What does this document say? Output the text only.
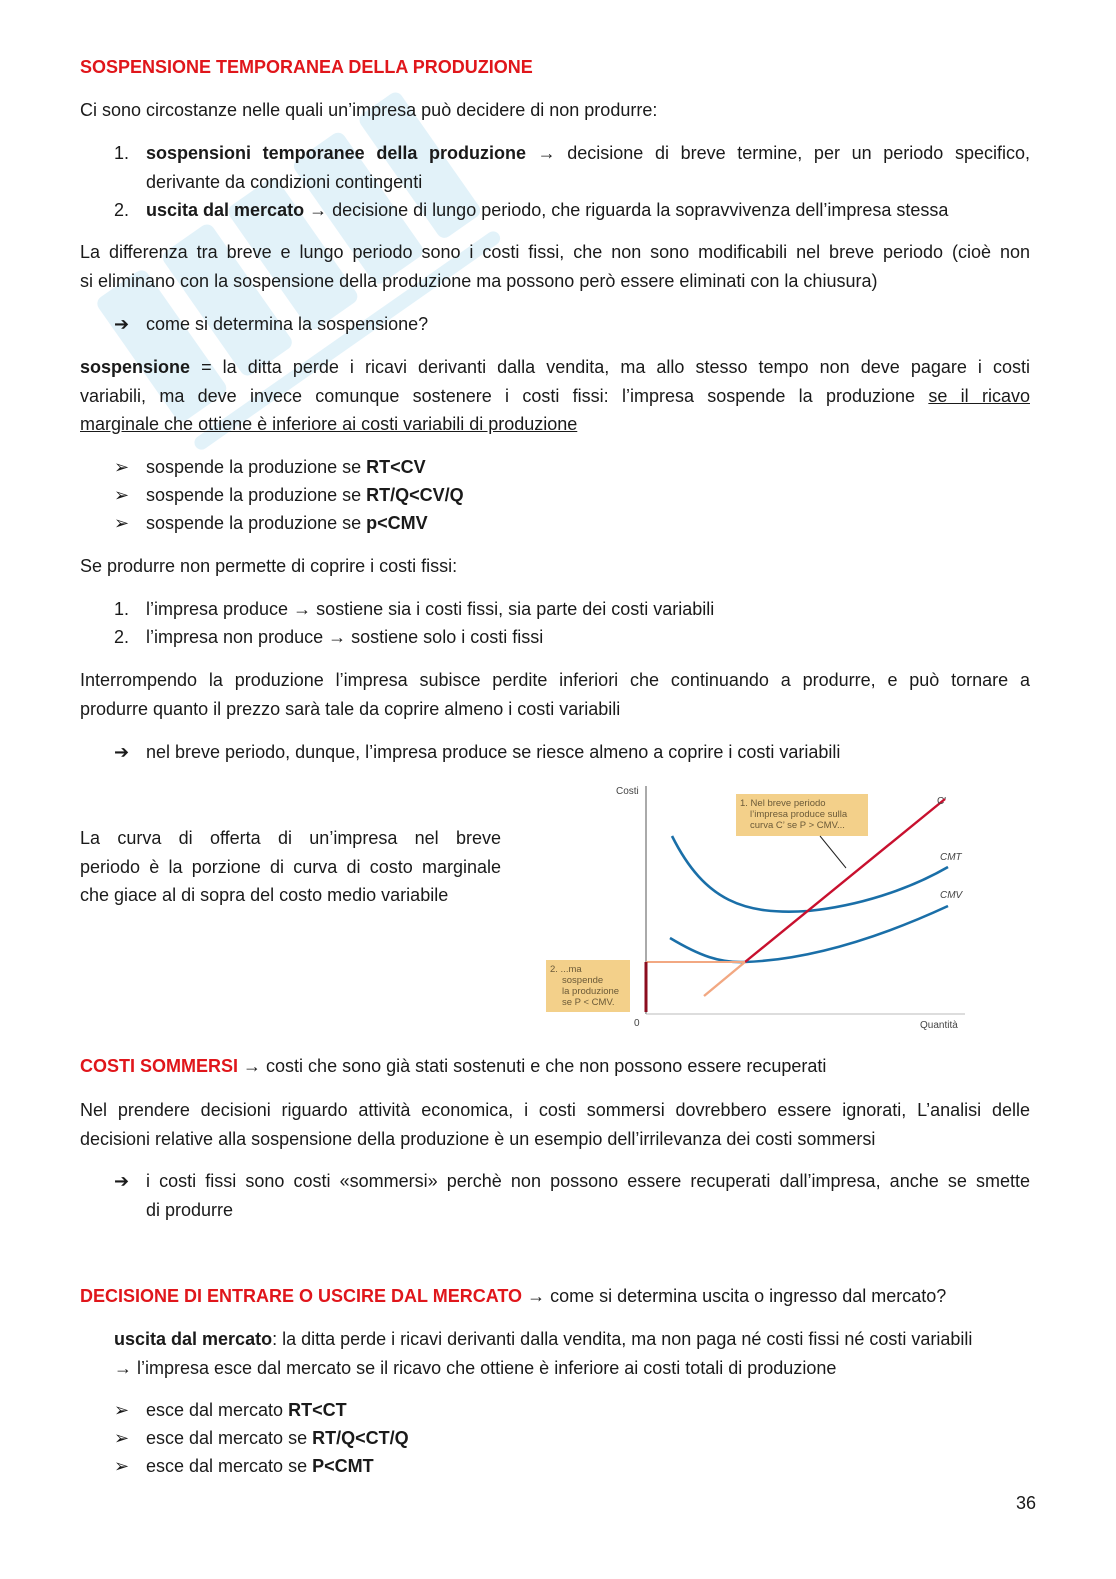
SOSPENSIONE TEMPORANEA DELLA PRODUZIONE

Ci sono circostanze nelle quali un’impresa può decidere di non produrre:

1. sospensioni temporanee della produzione → decisione di breve termine, per un periodo specifico,

derivante da condizioni contingenti

2. uscita dal mercato → decisione di lungo periodo, che riguarda la sopravvivenza dell’impresa stessa

La differenza tra breve e lungo periodo sono i costi fissi, che non sono modificabili nel breve periodo (cioè non

si eliminano con la sospensione della produzione ma possono però essere eliminati con la chiusura)

➔ come si determina la sospensione?

sospensione = la ditta perde i ricavi derivanti dalla vendita, ma allo stesso tempo non deve pagare i costi

variabili, ma deve invece comunque sostenere i costi fissi: l’impresa sospende la produzione se il ricavo

marginale che ottiene è inferiore ai costi variabili di produzione

➢ sospende la produzione se RT<CV
➢ sospende la produzione se RT/Q<CV/Q
➢ sospende la produzione se p<CMV

Se produrre non permette di coprire i costi fissi:

1. l’impresa produce → sostiene sia i costi fissi, sia parte dei costi variabili
2. l’impresa non produce → sostiene solo i costi fissi

Interrompendo la produzione l’impresa subisce perdite inferiori che continuando a produrre, e può tornare a

produrre quanto il prezzo sarà tale da coprire almeno i costi variabili

➔ nel breve periodo, dunque, l’impresa produce se riesce almeno a coprire i costi variabili

La curva di offerta di un’impresa nel breve

periodo è la porzione di curva di costo marginale

che giace al di sopra del costo medio variabile

Costi
Quantità
0
CMT
CMV
C'
1. Nel breve periodo l’impresa produce sulla curva C’ se P > CMV...
2. ...ma sospende la produzione se P < CMV.

COSTI SOMMERSI → costi che sono già stati sostenuti e che non possono essere recuperati

Nel prendere decisioni riguardo attività economica, i costi sommersi dovrebbero essere ignorati, L’analisi delle

decisioni relative alla sospensione della produzione è un esempio dell’irrilevanza dei costi sommersi

➔ i costi fissi sono costi «sommersi» perchè non possono essere recuperati dall’impresa, anche se smette

di produrre

DECISIONE DI ENTRARE O USCIRE DAL MERCATO → come si determina uscita o ingresso dal mercato?

uscita dal mercato: la ditta perde i ricavi derivanti dalla vendita, ma non paga né costi fissi né costi variabili

→ l’impresa esce dal mercato se il ricavo che ottiene è inferiore ai costi totali di produzione

➢ esce dal mercato RT<CT
➢ esce dal mercato se RT/Q<CT/Q
➢ esce dal mercato se P<CMT
36
